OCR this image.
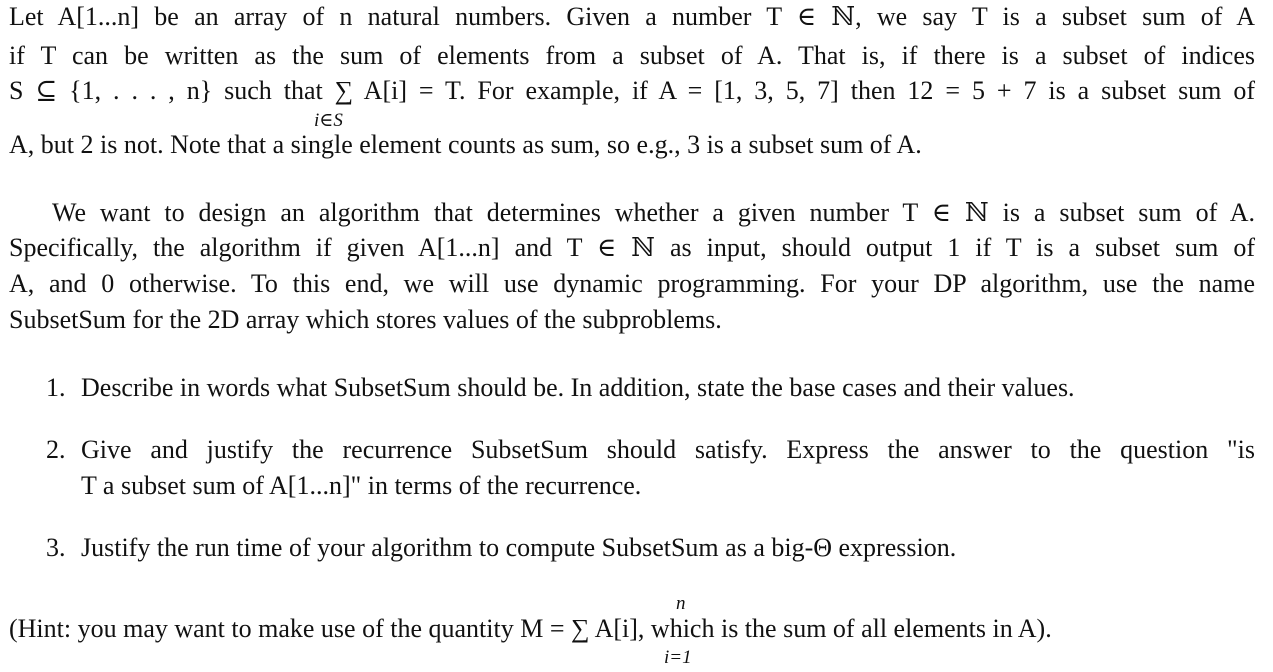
Let A[1...n] be an array of n natural numbers. Given a number T ∈ ℕ, we say T is a subset sum of A
if T can be written as the sum of elements from a subset of A. That is, if there is a subset of indices
S ⊆ {1, . . . , n} such that ∑ A[i] = T. For example, if A = [1, 3, 5, 7] then 12 = 5 + 7 is a subset sum of
i∈S
A, but 2 is not. Note that a single element counts as sum, so e.g., 3 is a subset sum of A.
We want to design an algorithm that determines whether a given number T ∈ ℕ is a subset sum of A.
Specifically, the algorithm if given A[1...n] and T ∈ ℕ as input, should output 1 if T is a subset sum of
A, and 0 otherwise. To this end, we will use dynamic programming. For your DP algorithm, use the name
SubsetSum for the 2D array which stores values of the subproblems.
1. Describe in words what SubsetSum should be. In addition, state the base cases and their values.
2. Give and justify the recurrence SubsetSum should satisfy. Express the answer to the question "is
T a subset sum of A[1...n]" in terms of the recurrence.
3. Justify the run time of your algorithm to compute SubsetSum as a big-Θ expression.
n
(Hint: you may want to make use of the quantity M = ∑ A[i], which is the sum of all elements in A).
i=1
